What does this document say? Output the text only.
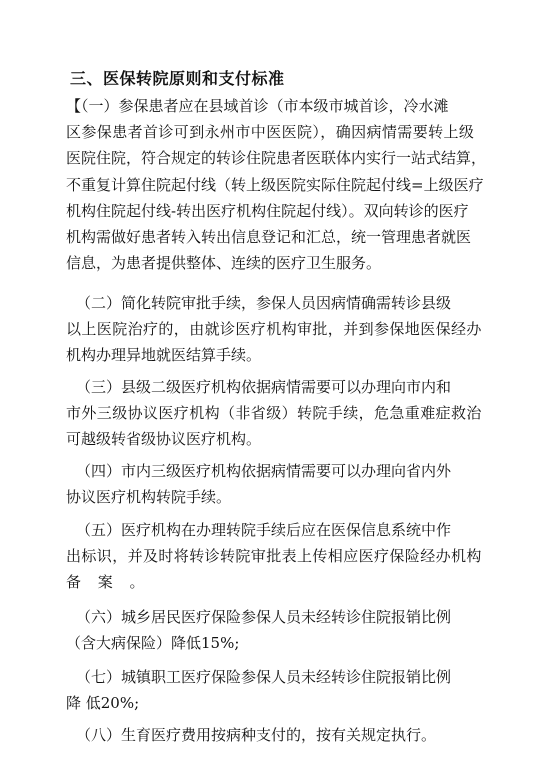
三、医保转院原则和支付标准
【（一）参保患者应在县域首诊（市本级市城首诊，冷水滩
区参保患者首诊可到永州市中医医院），确因病情需要转上级
医院住院，符合规定的转诊住院患者医联体内实行一站式结算，
不重复计算住院起付线（转上级医院实际住院起付线=上级医疗
机构住院起付线-转出医疗机构住院起付线）。双向转诊的医疗
机构需做好患者转入转出信息登记和汇总，统一管理患者就医
信息，为患者提供整体、连续的医疗卫生服务。
（二）简化转院审批手续，参保人员因病情确需转诊县级
以上医院治疗的，由就诊医疗机构审批，并到参保地医保经办
机构办理异地就医结算手续。
（三）县级二级医疗机构依据病情需要可以办理向市内和
市外三级协议医疗机构（非省级）转院手续，危急重难症救治
可越级转省级协议医疗机构。
（四）市内三级医疗机构依据病情需要可以办理向省内外
协议医疗机构转院手续。
（五）医疗机构在办理转院手续后应在医保信息系统中作
出标识，并及时将转诊转院审批表上传相应医疗保险经办机构
备 案 。
（六）城乡居民医疗保险参保人员未经转诊住院报销比例
（含大病保险）降低15%;
（七）城镇职工医疗保险参保人员未经转诊住院报销比例
降 低20%;
（八）生育医疗费用按病种支付的，按有关规定执行。
